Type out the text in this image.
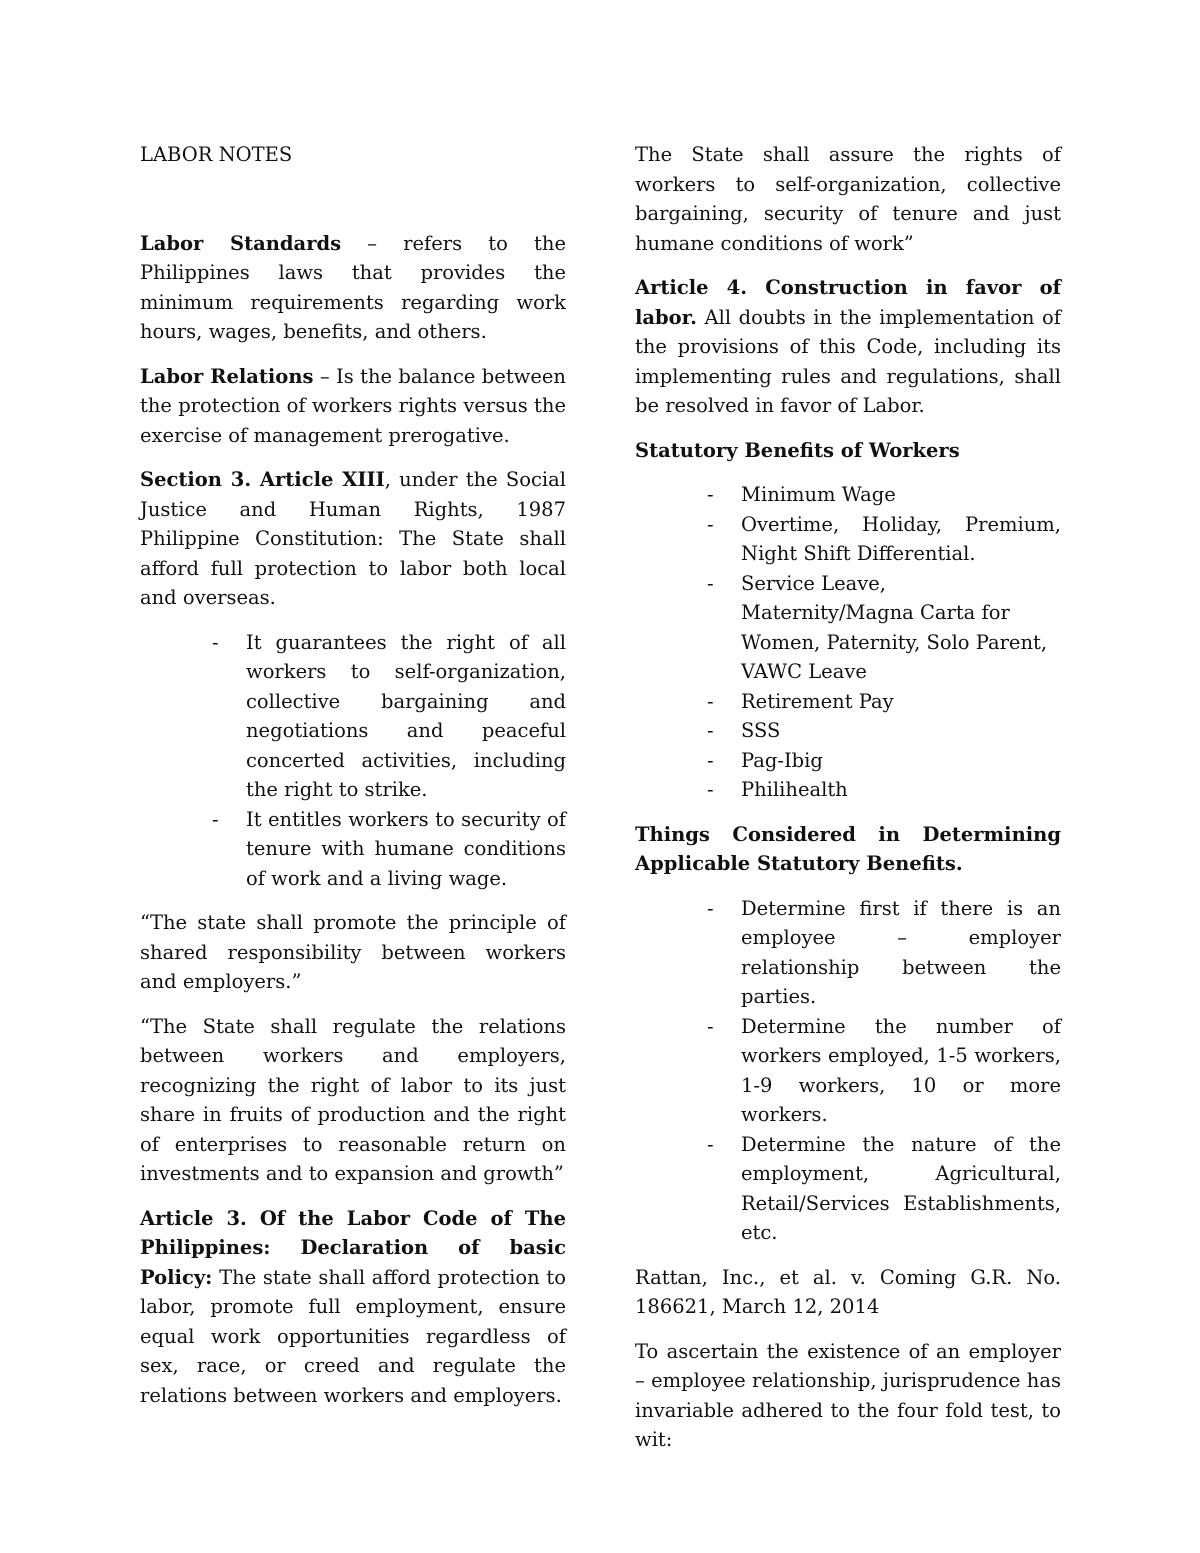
LABOR NOTES

Labor Standards – refers to the Philippines laws that provides the minimum requirements regarding work hours, wages, benefits, and others.

Labor Relations – Is the balance between the protection of workers rights versus the exercise of management prerogative.

Section 3. Article XIII, under the Social Justice and Human Rights, 1987 Philippine Constitution: The State shall afford full protection to labor both local and overseas.

- It guarantees the right of all workers to self-organization, collective bargaining and negotiations and peaceful concerted activities, including the right to strike.
- It entitles workers to security of tenure with humane conditions of work and a living wage.

“The state shall promote the principle of shared responsibility between workers and employers.”

“The State shall regulate the relations between workers and employers, recognizing the right of labor to its just share in fruits of production and the right of enterprises to reasonable return on investments and to expansion and growth”

Article 3. Of the Labor Code of The Philippines: Declaration of basic Policy: The state shall afford protection to labor, promote full employment, ensure equal work opportunities regardless of sex, race, or creed and regulate the relations between workers and employers.

The State shall assure the rights of workers to self-organization, collective bargaining, security of tenure and just humane conditions of work”

Article 4. Construction in favor of labor. All doubts in the implementation of the provisions of this Code, including its implementing rules and regulations, shall be resolved in favor of Labor.

Statutory Benefits of Workers

- Minimum Wage
- Overtime, Holiday, Premium, Night Shift Differential.
- Service Leave, Maternity/Magna Carta for Women, Paternity, Solo Parent, VAWC Leave
- Retirement Pay
- SSS
- Pag-Ibig
- Philihealth

Things Considered in Determining Applicable Statutory Benefits.

- Determine first if there is an employee – employer relationship between the parties.
- Determine the number of workers employed, 1-5 workers, 1-9 workers, 10 or more workers.
- Determine the nature of the employment, Agricultural, Retail/Services Establishments, etc.

Rattan, Inc., et al. v. Coming G.R. No. 186621, March 12, 2014

To ascertain the existence of an employer – employee relationship, jurisprudence has invariable adhered to the four fold test, to wit:
